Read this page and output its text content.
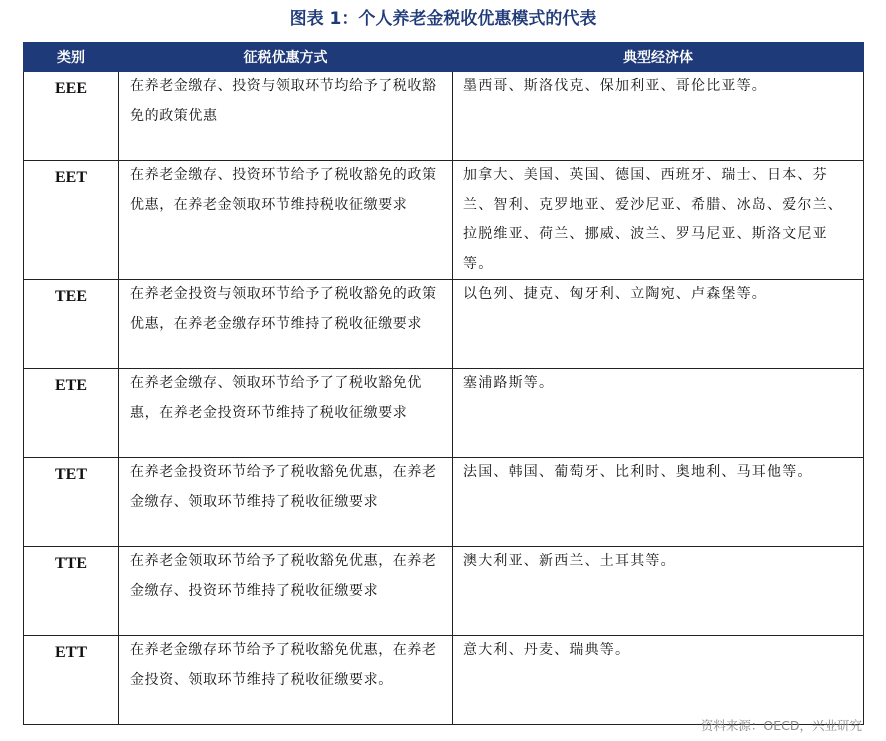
图表 1：个人养老金税收优惠模式的代表
类别	征税优惠方式	典型经济体
EEE	在养老金缴存、投资与领取环节均给予了税收豁免的政策优惠	墨西哥、斯洛伐克、保加利亚、哥伦比亚等。
EET	在养老金缴存、投资环节给予了税收豁免的政策优惠，在养老金领取环节维持税收征缴要求	加拿大、美国、英国、德国、西班牙、瑞士、日本、芬兰、智利、克罗地亚、爱沙尼亚、希腊、冰岛、爱尔兰、拉脱维亚、荷兰、挪威、波兰、罗马尼亚、斯洛文尼亚等。
TEE	在养老金投资与领取环节给予了税收豁免的政策优惠，在养老金缴存环节维持了税收征缴要求	以色列、捷克、匈牙利、立陶宛、卢森堡等。
ETE	在养老金缴存、领取环节给予了了税收豁免优惠，在养老金投资环节维持了税收征缴要求	塞浦路斯等。
TET	在养老金投资环节给予了税收豁免优惠，在养老金缴存、领取环节维持了税收征缴要求	法国、韩国、葡萄牙、比利时、奥地利、马耳他等。
TTE	在养老金领取环节给予了税收豁免优惠，在养老金缴存、投资环节维持了税收征缴要求	澳大利亚、新西兰、土耳其等。
ETT	在养老金缴存环节给予了税收豁免优惠，在养老金投资、领取环节维持了税收征缴要求。	意大利、丹麦、瑞典等。
资料来源：OECD，兴业研究
